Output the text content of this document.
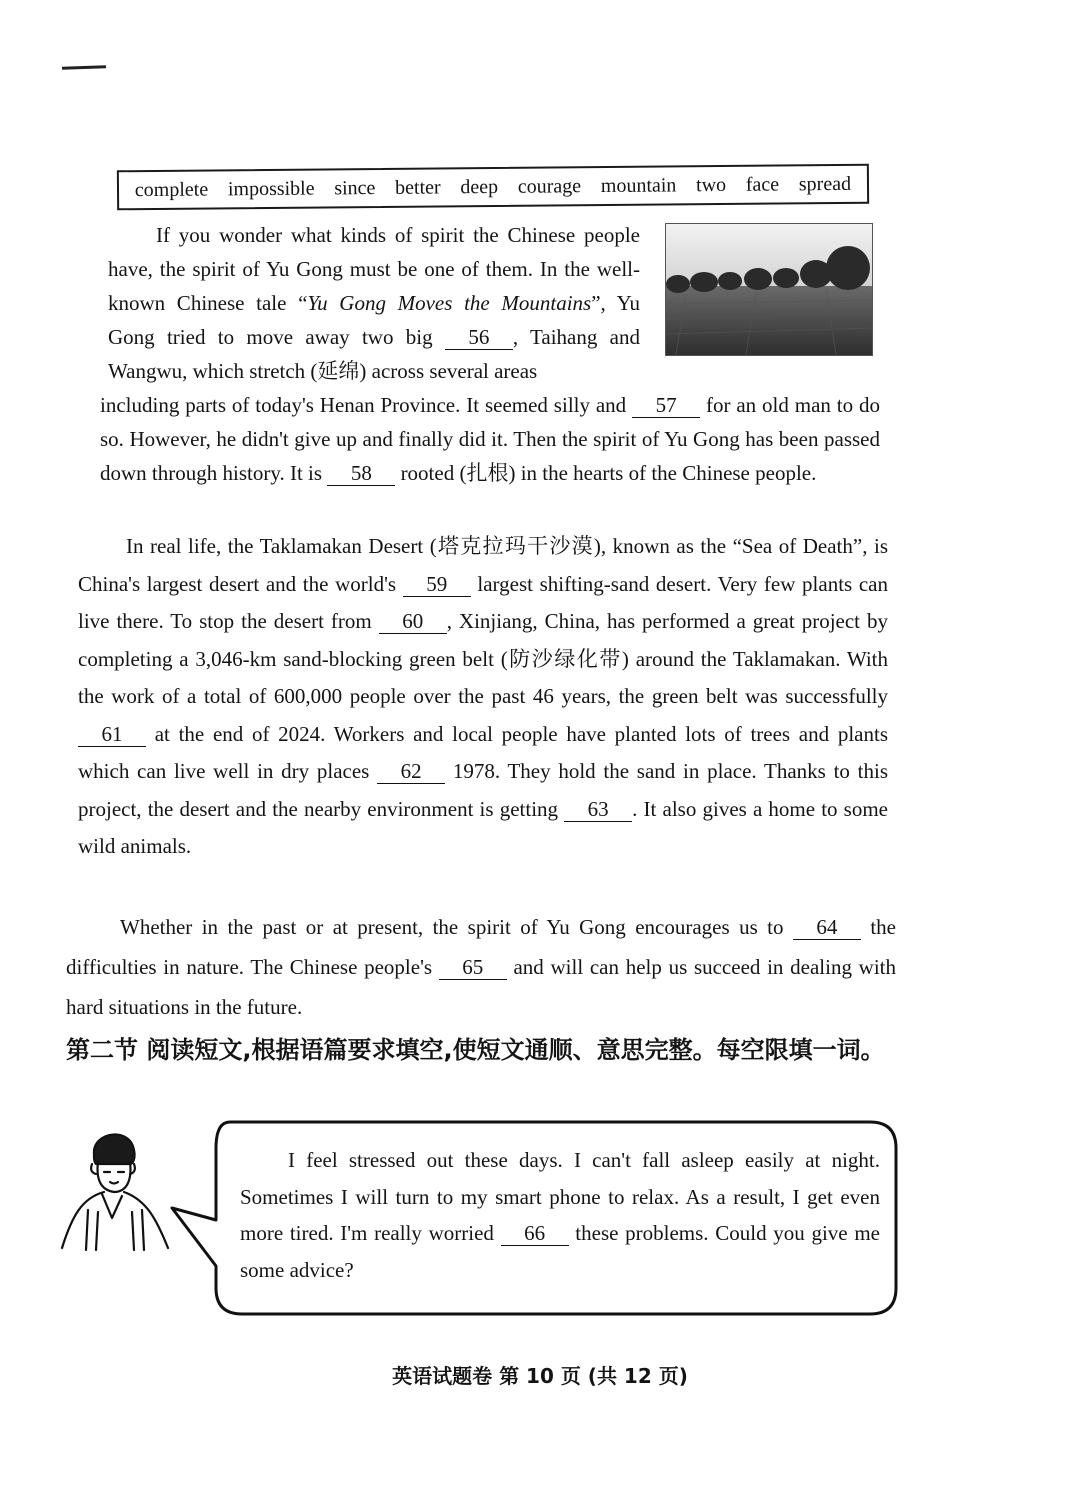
complete impossible since better deep courage mountain two face spread

If you wonder what kinds of spirit the Chinese people have, the spirit of Yu Gong must be one of them. In the well-known Chinese tale “Yu Gong Moves the Mountains”, Yu Gong tried to move away two big 56 , Taihang and Wangwu, which stretch (延绵) across several areas

including parts of today's Henan Province. It seemed silly and 57 for an old man to do so. However, he didn't give up and finally did it. Then the spirit of Yu Gong has been passed down through history. It is 58 rooted (扎根) in the hearts of the Chinese people.

In real life, the Taklamakan Desert (塔克拉玛干沙漠), known as the “Sea of Death”, is China's largest desert and the world's 59 largest shifting-sand desert. Very few plants can live there. To stop the desert from 60 , Xinjiang, China, has performed a great project by completing a 3,046-km sand-blocking green belt (防沙绿化带) around the Taklamakan. With the work of a total of 600,000 people over the past 46 years, the green belt was successfully 61 at the end of 2024. Workers and local people have planted lots of trees and plants which can live well in dry places 62 1978. They hold the sand in place. Thanks to this project, the desert and the nearby environment is getting 63 . It also gives a home to some wild animals.

Whether in the past or at present, the spirit of Yu Gong encourages us to 64 the difficulties in nature. The Chinese people's 65 and will can help us succeed in dealing with hard situations in the future.

第二节 阅读短文,根据语篇要求填空,使短文通顺、意思完整。每空限填一词。

I feel stressed out these days. I can't fall asleep easily at night. Sometimes I will turn to my smart phone to relax. As a result, I get even more tired. I'm really worried 66 these problems. Could you give me some advice?

英语试题卷 第 10 页 (共 12 页)
